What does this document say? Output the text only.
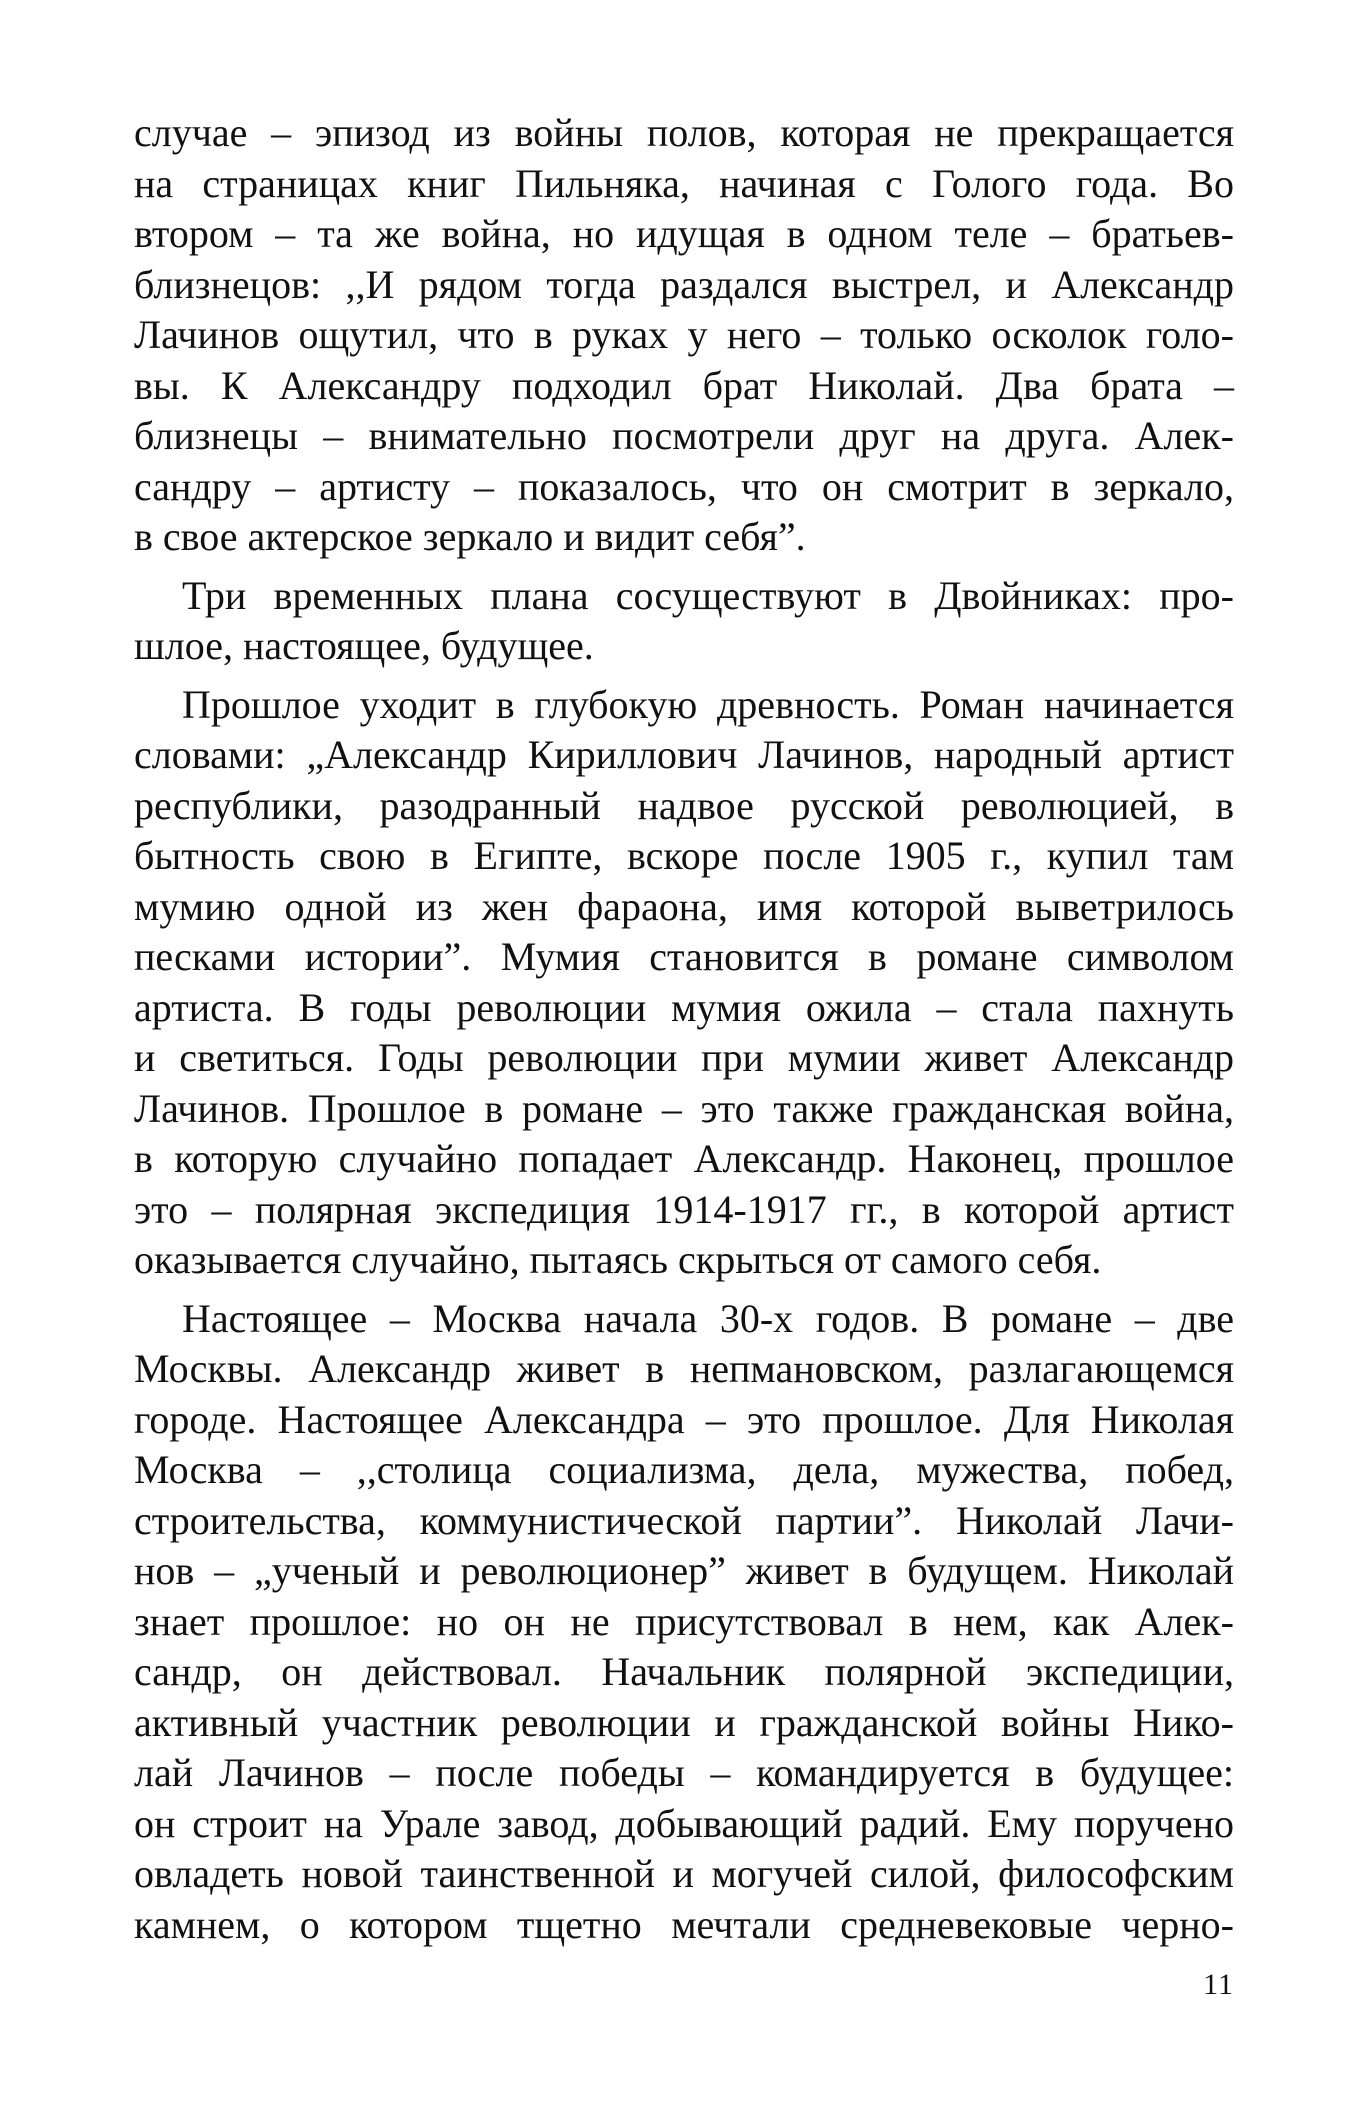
случае – эпизод из войны полов, которая не прекращается
на страницах книг Пильняка, начиная с Голого года. Во
втором – та же война, но идущая в одном теле – братьев-
близнецов: ,,И рядом тогда раздался выстрел, и Александр
Лачинов ощутил, что в руках у него – только осколок голо-
вы. К Александру подходил брат Николай. Два брата –
близнецы – внимательно посмотрели друг на друга. Алек-
сандру – артисту – показалось, что он смотрит в зеркало,
в свое актерское зеркало и видит себя”.
Три временных плана сосуществуют в Двойниках: про-
шлое, настоящее, будущее.
Прошлое уходит в глубокую древность. Роман начинается
словами: „Александр Кириллович Лачинов, народный артист
республики, разодранный надвое русской революцией, в
бытность свою в Египте, вскоре после 1905 г., купил там
мумию одной из жен фараона, имя которой выветрилось
песками истории”. Мумия становится в романе символом
артиста. В годы революции мумия ожила – стала пахнуть
и светиться. Годы революции при мумии живет Александр
Лачинов. Прошлое в романе – это также гражданская война,
в которую случайно попадает Александр. Наконец, прошлое
это – полярная экспедиция 1914-1917 гг., в которой артист
оказывается случайно, пытаясь скрыться от самого себя.
Настоящее – Москва начала 30-х годов. В романе – две
Москвы. Александр живет в непмановском, разлагающемся
городе. Настоящее Александра – это прошлое. Для Николая
Москва – ,,столица социализма, дела, мужества, побед,
строительства, коммунистической партии”. Николай Лачи-
нов – „ученый и революционер” живет в будущем. Николай
знает прошлое: но он не присутствовал в нем, как Алек-
сандр, он действовал. Начальник полярной экспедиции,
активный участник революции и гражданской войны Нико-
лай Лачинов – после победы – командируется в будущее:
он строит на Урале завод, добывающий радий. Ему поручено
овладеть новой таинственной и могучей силой, философским
камнем, о котором тщетно мечтали средневековые черно-
11
